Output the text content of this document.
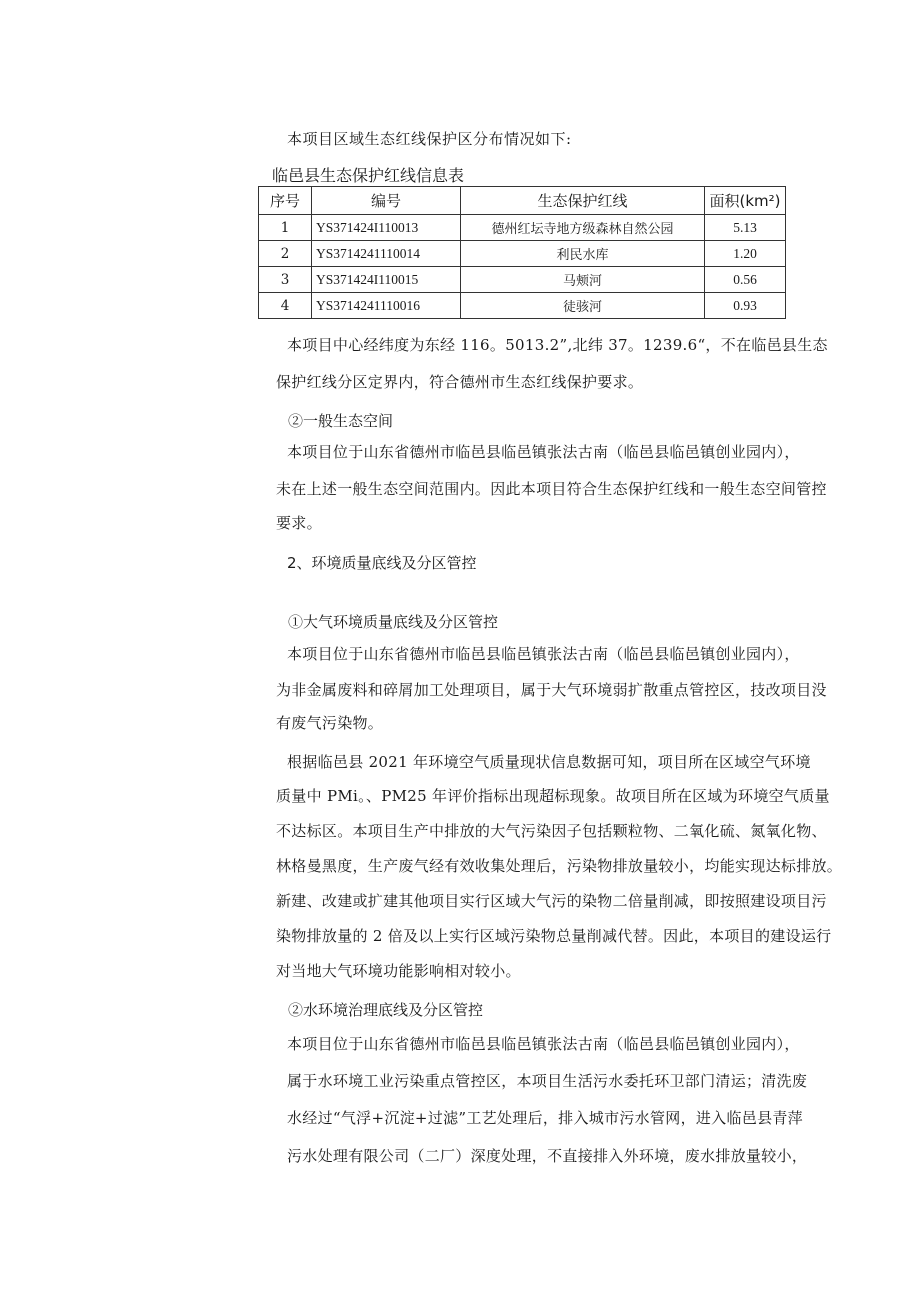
本项目区域生态红线保护区分布情况如下:
临邑县生态保护红线信息表
序号	编号	生态保护红线	面积(km²)
1	YS371424I110013	德州红坛寺地方级森林自然公园	5.13
2	YS3714241110014	利民水库	1.20
3	YS371424I110015	马颊河	0.56
4	YS3714241110016	徒骇河	0.93
本项目中心经纬度为东经 116。5013.2”,北纬 37。1239.6“，不在临邑县生态
保护红线分区定界内，符合德州市生态红线保护要求。
②一般生态空间
本项目位于山东省德州市临邑县临邑镇张法古南（临邑县临邑镇创业园内），
未在上述一般生态空间范围内。因此本项目符合生态保护红线和一般生态空间管控
要求。
2、环境质量底线及分区管控
①大气环境质量底线及分区管控
本项目位于山东省德州市临邑县临邑镇张法古南（临邑县临邑镇创业园内），
为非金属废料和碎屑加工处理项目，属于大气环境弱扩散重点管控区，技改项目没
有废气污染物。
根据临邑县 2021 年环境空气质量现状信息数据可知，项目所在区域空气环境
质量中 PMi。、PM25 年评价指标出现超标现象。故项目所在区域为环境空气质量
不达标区。本项目生产中排放的大气污染因子包括颗粒物、二氧化硫、氮氧化物、
林格曼黑度，生产废气经有效收集处理后，污染物排放量较小，均能实现达标排放。
新建、改建或扩建其他项目实行区域大气污的染物二倍量削减，即按照建设项目污
染物排放量的 2 倍及以上实行区域污染物总量削减代替。因此，本项目的建设运行
对当地大气环境功能影响相对较小。
②水环境治理底线及分区管控
本项目位于山东省德州市临邑县临邑镇张法古南（临邑县临邑镇创业园内），
属于水环境工业污染重点管控区，本项目生活污水委托环卫部门清运；清洗废
水经过“气浮+沉淀+过滤”工艺处理后，排入城市污水管网，进入临邑县青萍
污水处理有限公司（二厂）深度处理，不直接排入外环境，废水排放量较小，
